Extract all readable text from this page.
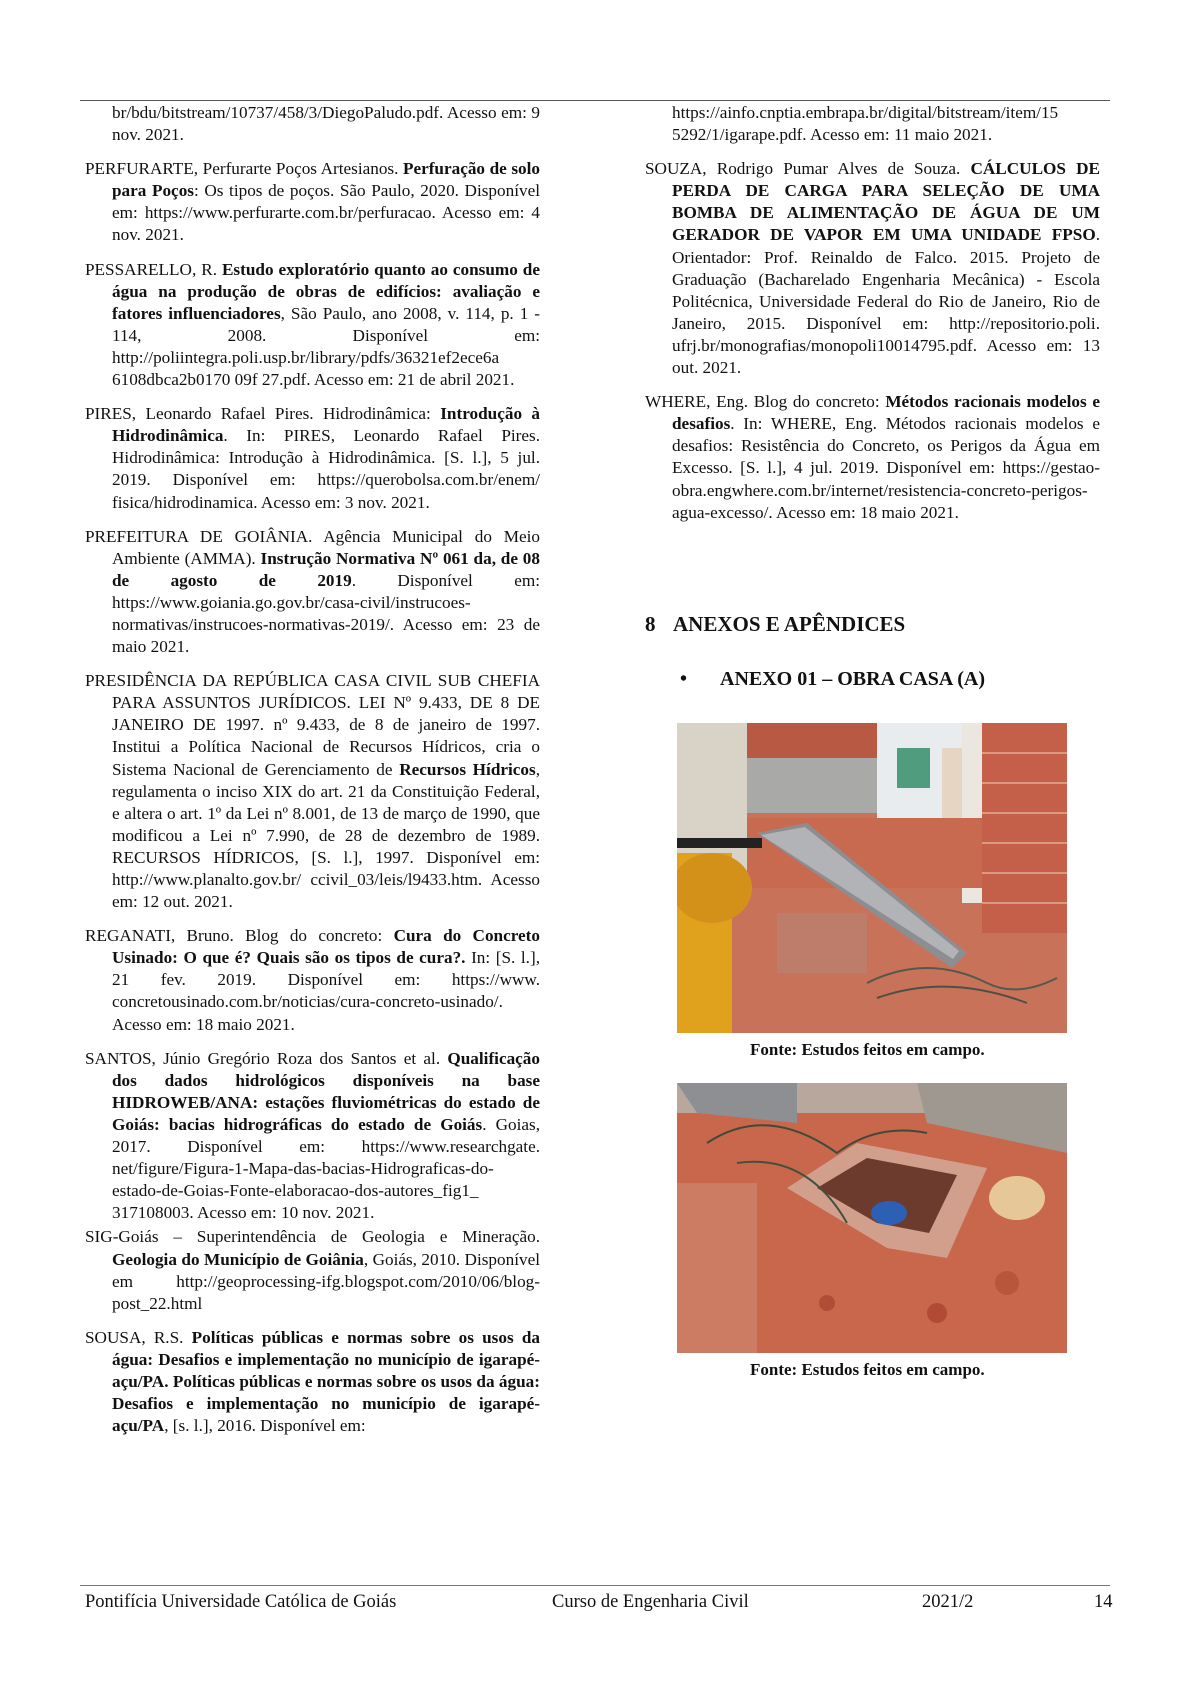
br/bdu/bitstream/10737/458/3/DiegoPaludo.pdf. Acesso em: 9 nov. 2021.

PERFURARTE, Perfurarte Poços Artesianos. Perfuração de solo para Poços: Os tipos de poços. São Paulo, 2020. Disponível em: https://www.perfurarte.com.br/perfuracao. Acesso em: 4 nov. 2021.

PESSARELLO, R. Estudo exploratório quanto ao consumo de água na produção de obras de edifícios: avaliação e fatores influenciadores, São Paulo, ano 2008, v. 114, p. 1 - 114, 2008. Disponível em: http://poliintegra.poli.usp.br/library/pdfs/36321ef2ece6a 6108dbca2b0170 09f 27.pdf. Acesso em: 21 de abril 2021.

PIRES, Leonardo Rafael Pires. Hidrodinâmica: Introdução à Hidrodinâmica. In: PIRES, Leonardo Rafael Pires. Hidrodinâmica: Introdução à Hidrodinâmica. [S. l.], 5 jul. 2019. Disponível em: https://querobolsa.com.br/enem/ fisica/hidrodinamica. Acesso em: 3 nov. 2021.

PREFEITURA DE GOIÂNIA. Agência Municipal do Meio Ambiente (AMMA). Instrução Normativa Nº 061 da, de 08 de agosto de 2019. Disponível em: https://www.goiania.go.gov.br/casa-civil/instrucoes-normativas/instrucoes-normativas-2019/. Acesso em: 23 de maio 2021.

PRESIDÊNCIA DA REPÚBLICA CASA CIVIL SUB CHEFIA PARA ASSUNTOS JURÍDICOS. LEI Nº 9.433, DE 8 DE JANEIRO DE 1997. nº 9.433, de 8 de janeiro de 1997. Institui a Política Nacional de Recursos Hídricos, cria o Sistema Nacional de Gerenciamento de Recursos Hídricos, regulamenta o inciso XIX do art. 21 da Constituição Federal, e altera o art. 1º da Lei nº 8.001, de 13 de março de 1990, que modificou a Lei nº 7.990, de 28 de dezembro de 1989. RECURSOS HÍDRICOS, [S. l.], 1997. Disponível em: http://www.planalto.gov.br/ ccivil_03/leis/l9433.htm. Acesso em: 12 out. 2021.

REGANATI, Bruno. Blog do concreto: Cura do Concreto Usinado: O que é? Quais são os tipos de cura?. In: [S. l.], 21 fev. 2019. Disponível em: https://www. concretousinado.com.br/noticias/cura-concreto-usinado/. Acesso em: 18 maio 2021.

SANTOS, Júnio Gregório Roza dos Santos et al. Qualificação dos dados hidrológicos disponíveis na base HIDROWEB/ANA: estações fluviométricas do estado de Goiás: bacias hidrográficas do estado de Goiás. Goias, 2017. Disponível em: https://www.researchgate. net/figure/Figura-1-Mapa-das-bacias-Hidrograficas-do-estado-de-Goias-Fonte-elaboracao-dos-autores_fig1_ 317108003. Acesso em: 10 nov. 2021.

SIG-Goiás – Superintendência de Geologia e Mineração. Geologia do Município de Goiânia, Goiás, 2010. Disponível em http://geoprocessing-ifg.blogspot.com/2010/06/blog-post_22.html

SOUSA, R.S. Políticas públicas e normas sobre os usos da água: Desafios e implementação no município de igarapé-açu/PA. Políticas públicas e normas sobre os usos da água: Desafios e implementação no município de igarapé-açu/PA, [s. l.], 2016. Disponível em:

https://ainfo.cnptia.embrapa.br/digital/bitstream/item/15 5292/1/igarape.pdf. Acesso em: 11 maio 2021.

SOUZA, Rodrigo Pumar Alves de Souza. CÁLCULOS DE PERDA DE CARGA PARA SELEÇÃO DE UMA BOMBA DE ALIMENTAÇÃO DE ÁGUA DE UM GERADOR DE VAPOR EM UMA UNIDADE FPSO. Orientador: Prof. Reinaldo de Falco. 2015. Projeto de Graduação (Bacharelado Engenharia Mecânica) - Escola Politécnica, Universidade Federal do Rio de Janeiro, Rio de Janeiro, 2015. Disponível em: http://repositorio.poli. ufrj.br/monografias/monopoli10014795.pdf. Acesso em: 13 out. 2021.

WHERE, Eng. Blog do concreto: Métodos racionais modelos e desafios. In: WHERE, Eng. Métodos racionais modelos e desafios: Resistência do Concreto, os Perigos da Água em Excesso. [S. l.], 4 jul. 2019. Disponível em: https://gestao-obra.engwhere.com.br/internet/resistencia-concreto-perigos-agua-excesso/. Acesso em: 18 maio 2021.

8 ANEXOS E APÊNDICES
• ANEXO 01 – OBRA CASA (A)
Fonte: Estudos feitos em campo.
Fonte: Estudos feitos em campo.
Pontifícia Universidade Católica de Goiás	Curso de Engenharia Civil	2021/2	14
